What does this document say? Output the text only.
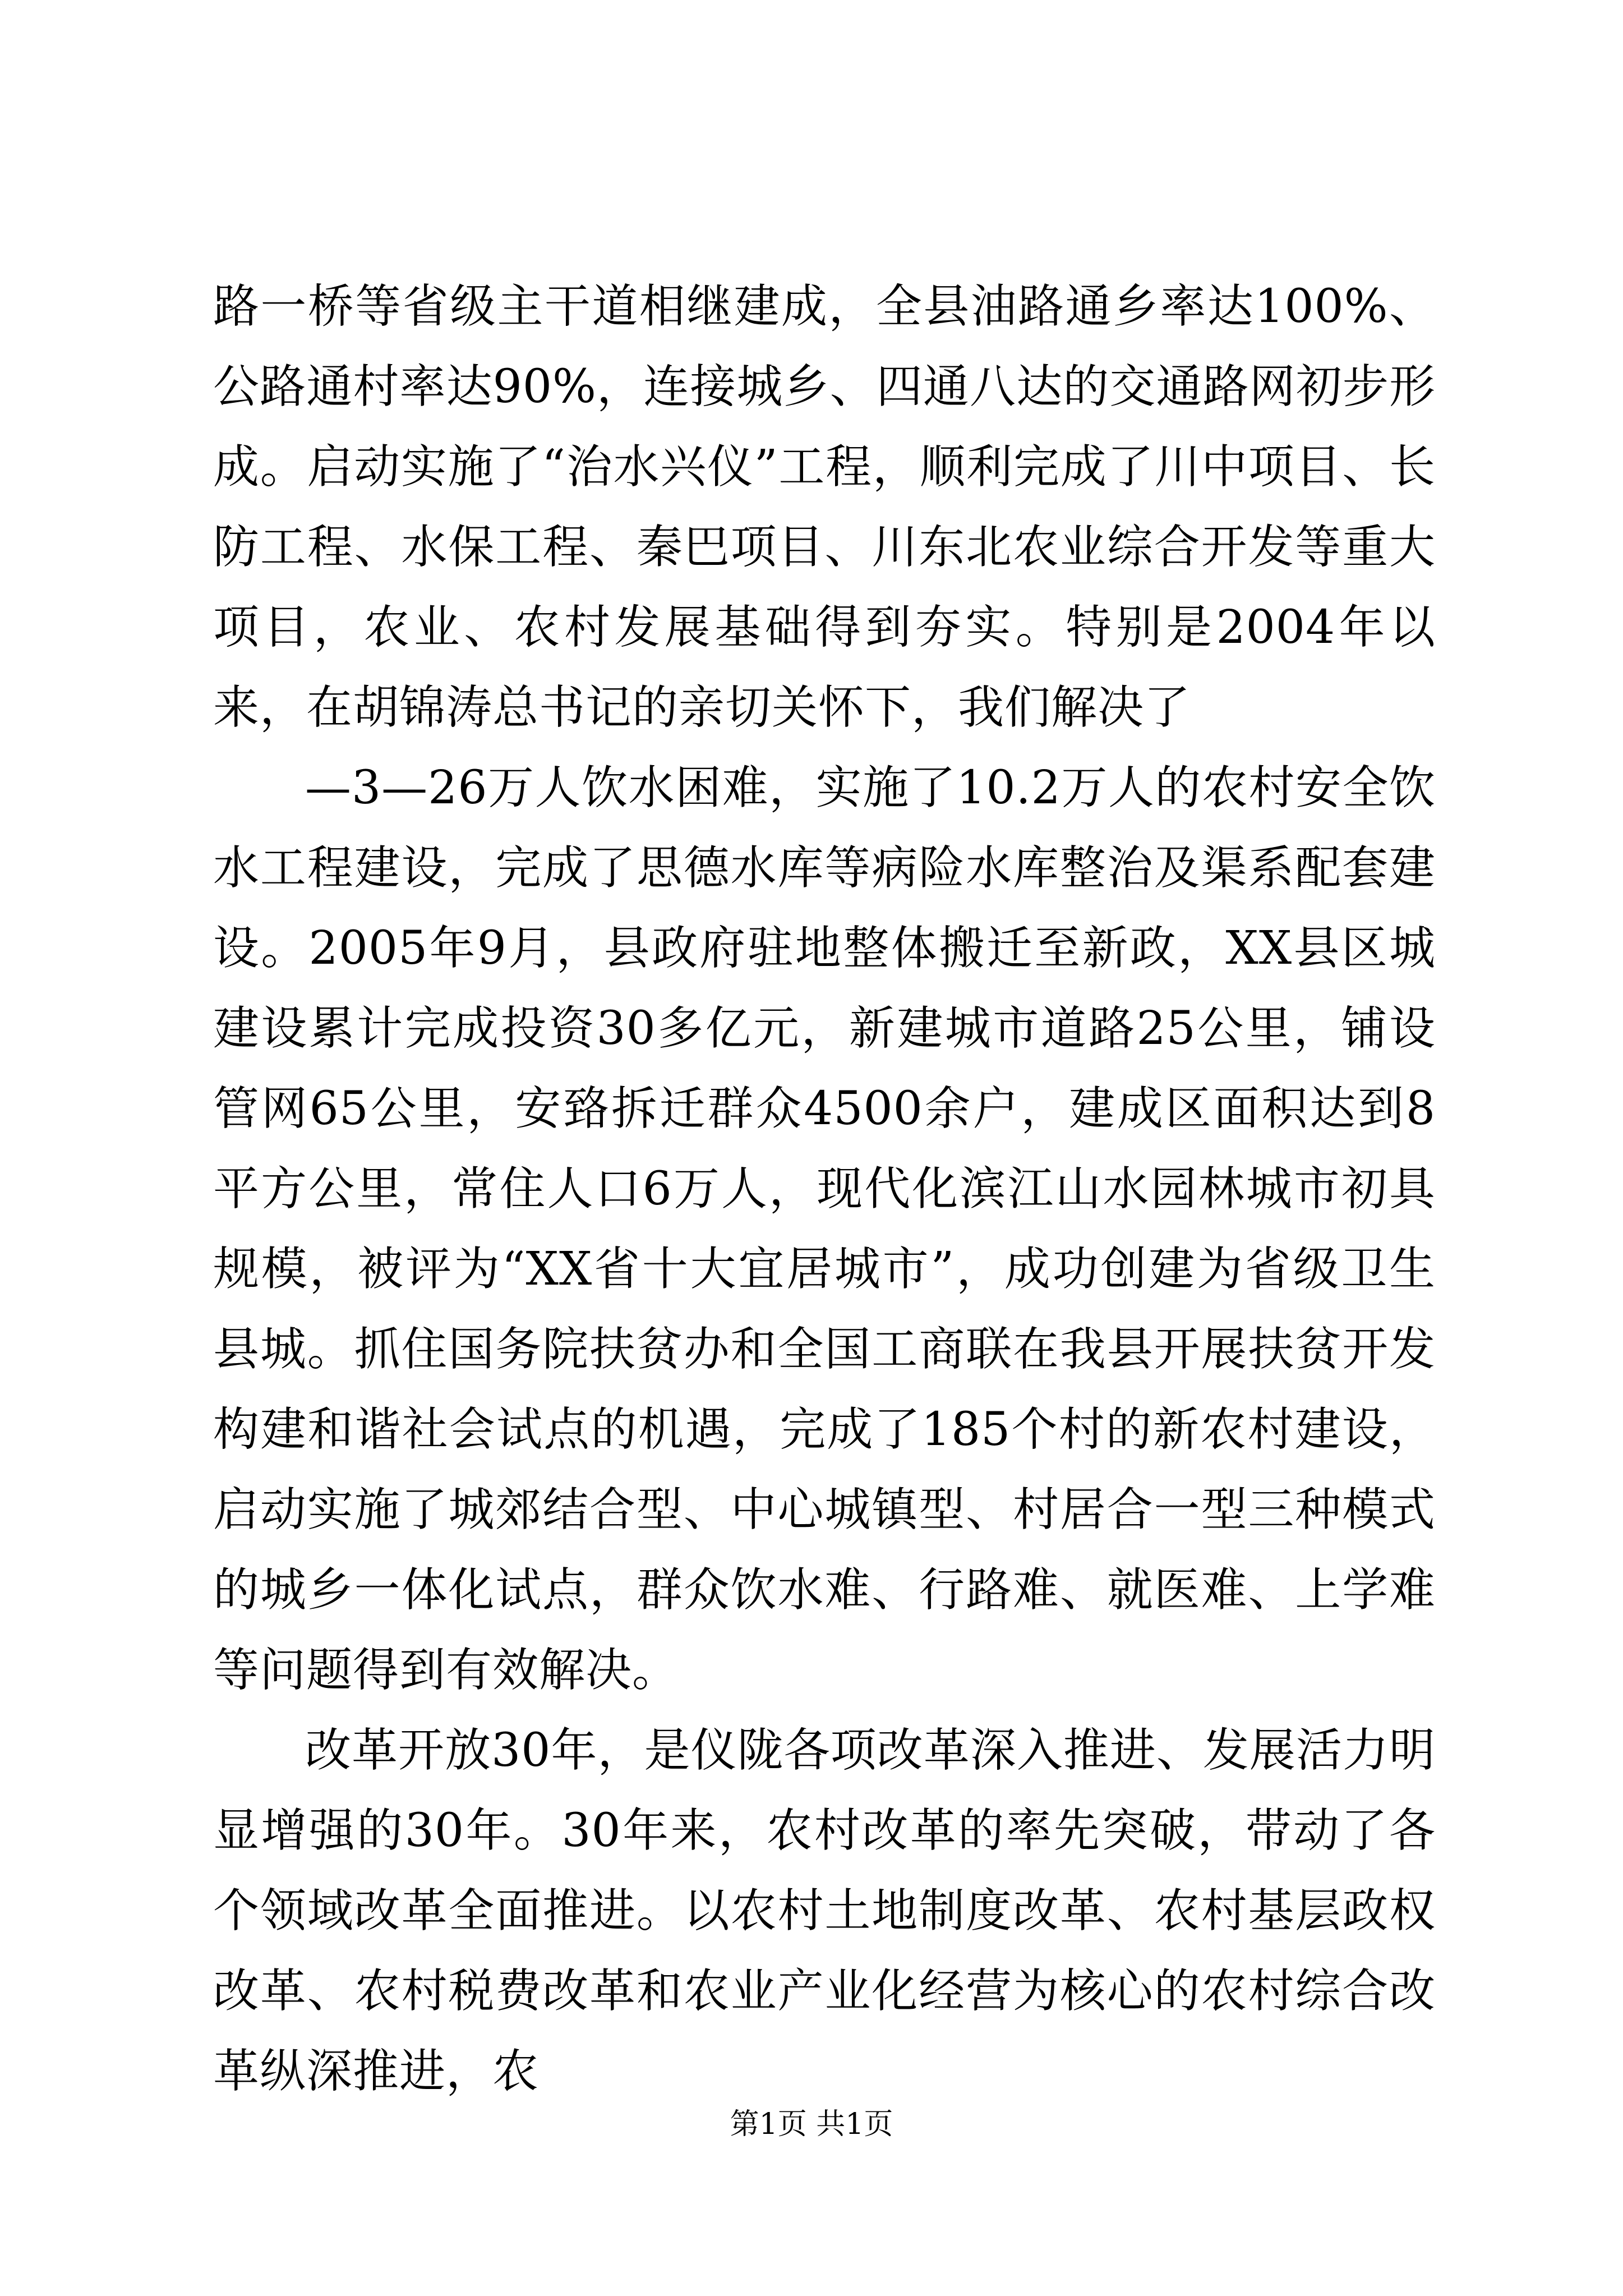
路一桥等省级主干道相继建成，全县油路通乡率达100%、公路通村率达90%，连接城乡、四通八达的交通路网初步形成。启动实施了“治水兴仪”工程，顺利完成了川中项目、长防工程、水保工程、秦巴项目、川东北农业综合开发等重大项目，农业、农村发展基础得到夯实。特别是2004年以来，在胡锦涛总书记的亲切关怀下，我们解决了

—3—26万人饮水困难，实施了10.2万人的农村安全饮水工程建设，完成了思德水库等病险水库整治及渠系配套建设。2005年9月，县政府驻地整体搬迁至新政，XX县区城建设累计完成投资30多亿元，新建城市道路25公里，铺设管网65公里，安臵拆迁群众4500余户，建成区面积达到8平方公里，常住人口6万人，现代化滨江山水园林城市初具规模，被评为“XX省十大宜居城市”，成功创建为省级卫生县城。抓住国务院扶贫办和全国工商联在我县开展扶贫开发构建和谐社会试点的机遇，完成了185个村的新农村建设，启动实施了城郊结合型、中心城镇型、村居合一型三种模式的城乡一体化试点，群众饮水难、行路难、就医难、上学难等问题得到有效解决。

改革开放30年，是仪陇各项改革深入推进、发展活力明显增强的30年。30年来，农村改革的率先突破，带动了各个领域改革全面推进。以农村土地制度改革、农村基层政权改革、农村税费改革和农业产业化经营为核心的农村综合改革纵深推进，农

第1页 共1页
